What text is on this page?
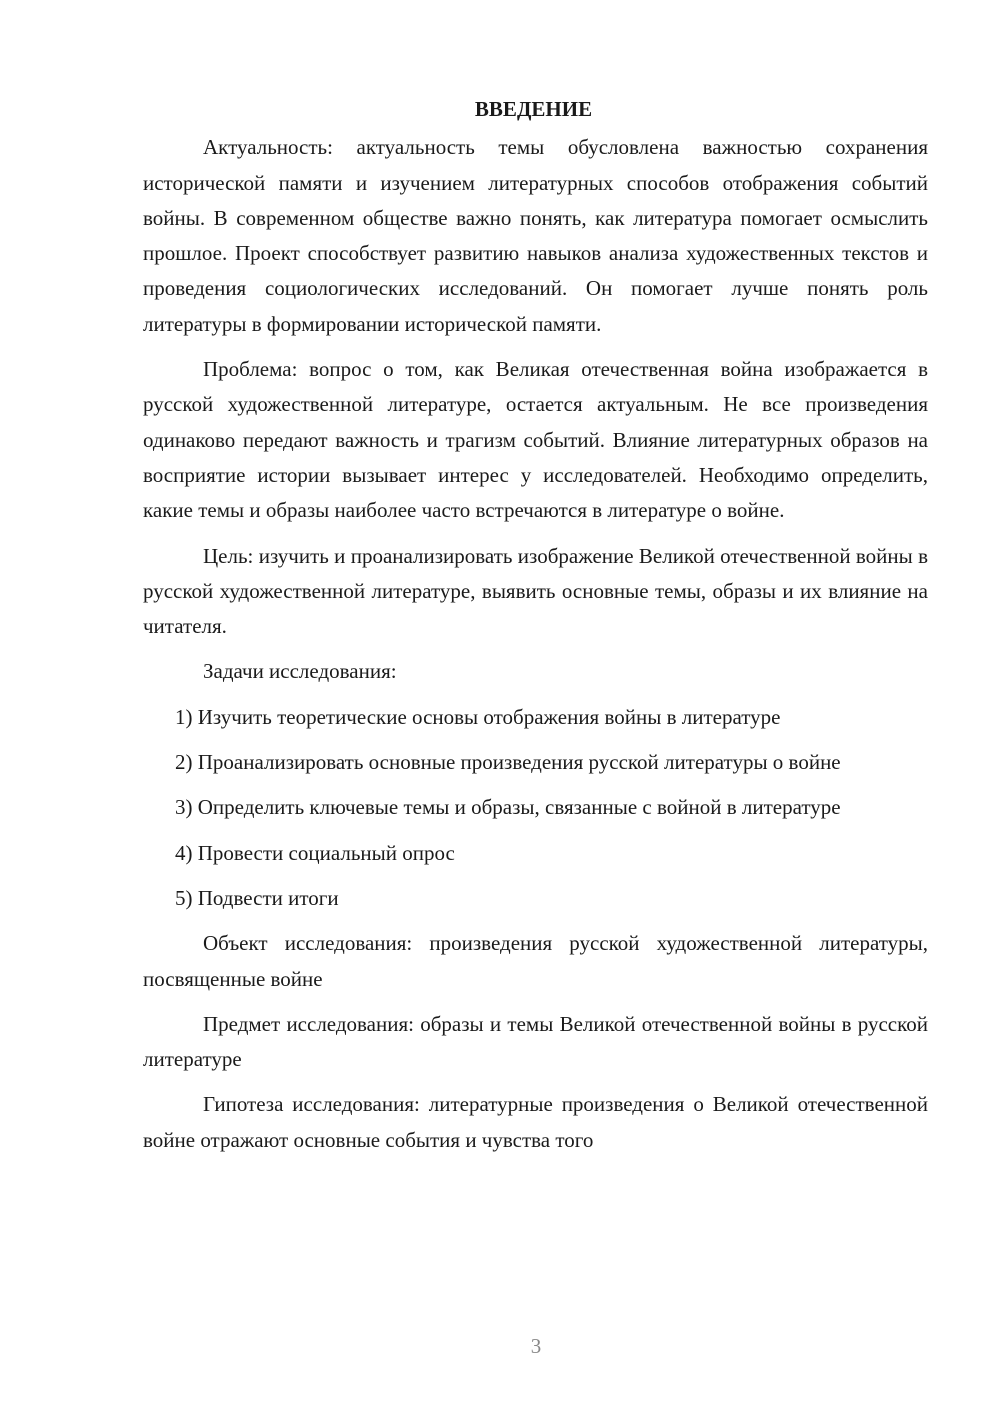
ВВЕДЕНИЕ

Актуальность: актуальность темы обусловлена важностью сохранения исторической памяти и изучением литературных способов отображения событий войны. В современном обществе важно понять, как литература помогает осмыслить прошлое. Проект способствует развитию навыков анализа художественных текстов и проведения социологических исследований. Он помогает лучше понять роль литературы в формировании исторической памяти.

Проблема: вопрос о том, как Великая отечественная война изображается в русской художественной литературе, остается актуальным. Не все произведения одинаково передают важность и трагизм событий. Влияние литературных образов на восприятие истории вызывает интерес у исследователей. Необходимо определить, какие темы и образы наиболее часто встречаются в литературе о войне.

Цель: изучить и проанализировать изображение Великой отечественной войны в русской художественной литературе, выявить основные темы, образы и их влияние на читателя.

Задачи исследования:

1) Изучить теоретические основы отображения войны в литературе

2) Проанализировать основные произведения русской литературы о войне

3) Определить ключевые темы и образы, связанные с войной в литературе

4) Провести социальный опрос

5) Подвести итоги

Объект исследования: произведения русской художественной литературы, посвященные войне

Предмет исследования: образы и темы Великой отечественной войны в русской литературе

Гипотеза исследования: литературные произведения о Великой отечественной войне отражают основные события и чувства того

3
